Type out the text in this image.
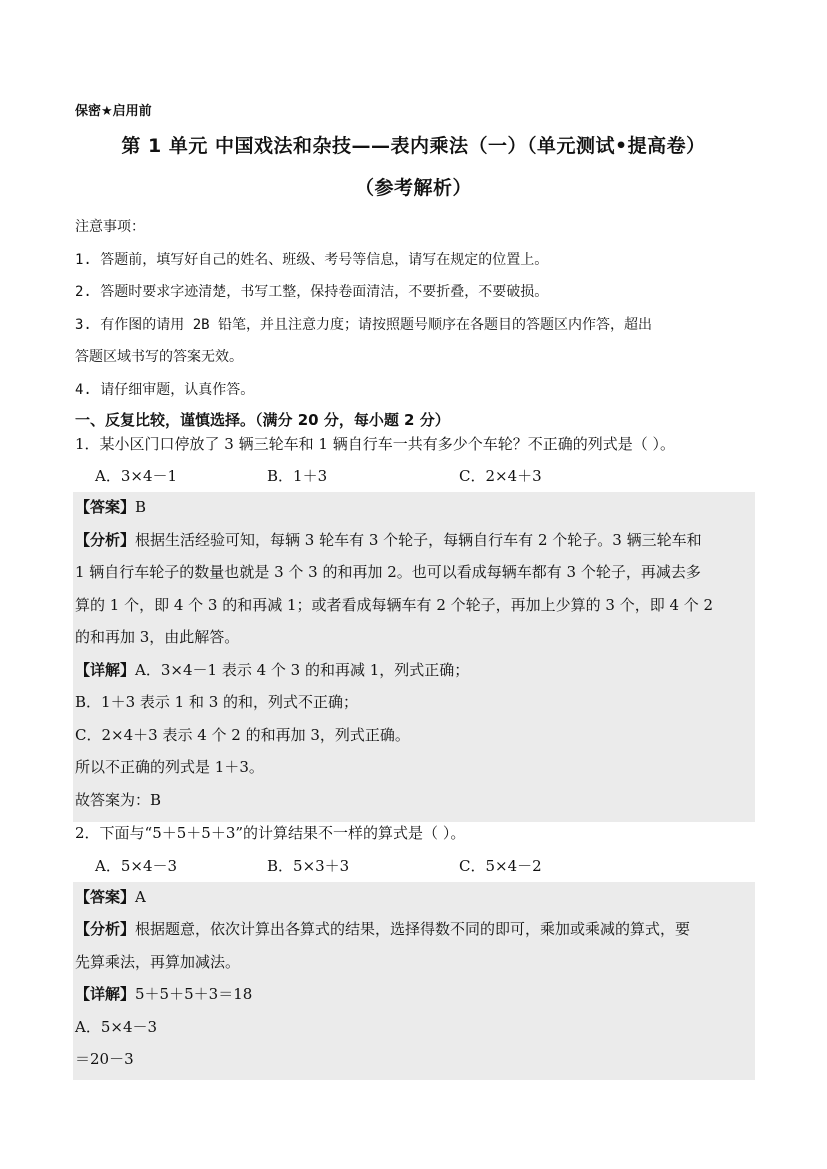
保密★启用前
第 1 单元 中国戏法和杂技——表内乘法（一）（单元测试•提高卷）
（参考解析）
注意事项：
1. 答题前，填写好自己的姓名、班级、考号等信息，请写在规定的位置上。
2. 答题时要求字迹清楚，书写工整，保持卷面清洁，不要折叠，不要破损。
3. 有作图的请用 2B 铅笔，并且注意力度；请按照题号顺序在各题目的答题区内作答，超出
答题区域书写的答案无效。
4. 请仔细审题，认真作答。
一、反复比较，谨慎选择。（满分 20 分，每小题 2 分）
1．某小区门口停放了 3 辆三轮车和 1 辆自行车一共有多少个车轮？不正确的列式是（ ）。
A．3×4－1	B．1＋3	C．2×4＋3
【答案】B
【分析】根据生活经验可知，每辆 3 轮车有 3 个轮子，每辆自行车有 2 个轮子。3 辆三轮车和
1 辆自行车轮子的数量也就是 3 个 3 的和再加 2。也可以看成每辆车都有 3 个轮子，再减去多
算的 1 个，即 4 个 3 的和再减 1；或者看成每辆车有 2 个轮子，再加上少算的 3 个，即 4 个 2
的和再加 3，由此解答。
【详解】A．3×4－1 表示 4 个 3 的和再减 1，列式正确；
B．1＋3 表示 1 和 3 的和，列式不正确；
C．2×4＋3 表示 4 个 2 的和再加 3，列式正确。
所以不正确的列式是 1＋3。
故答案为：B
2．下面与“5＋5＋5＋3”的计算结果不一样的算式是（ ）。
A．5×4－3	B．5×3＋3	C．5×4－2
【答案】A
【分析】根据题意，依次计算出各算式的结果，选择得数不同的即可，乘加或乘减的算式，要
先算乘法，再算加减法。
【详解】5＋5＋5＋3＝18
A．5×4－3
＝20－3
